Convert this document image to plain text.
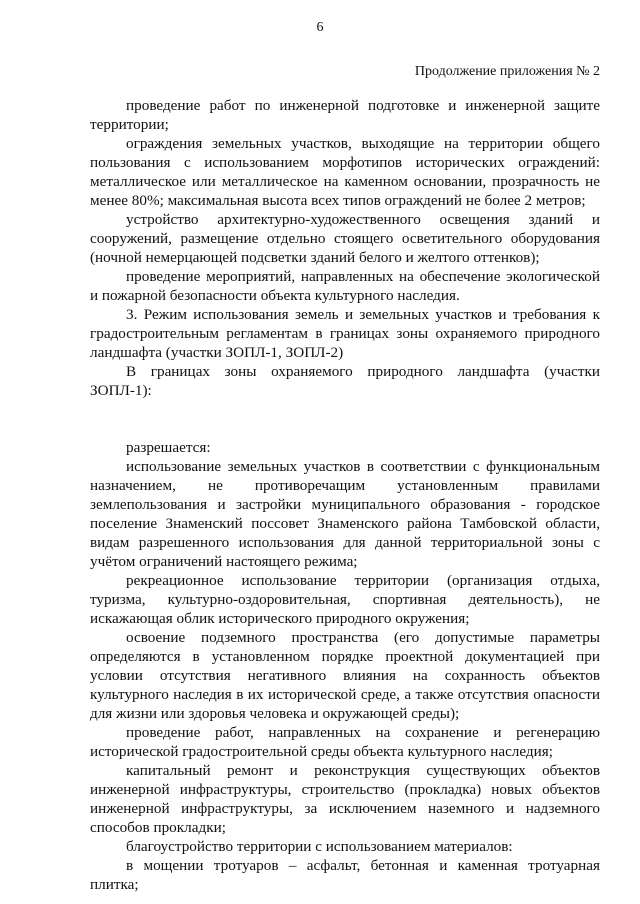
6
Продолжение приложения № 2

проведение работ по инженерной подготовке и инженерной защите территории;

ограждения земельных участков, выходящие на территории общего пользования с использованием морфотипов исторических ограждений: металлическое или металлическое на каменном основании, прозрачность не менее 80%; максимальная высота всех типов ограждений не более 2 метров;

устройство архитектурно-художественного освещения зданий и сооружений, размещение отдельно стоящего осветительного оборудования (ночной немерцающей подсветки зданий белого и желтого оттенков);

проведение мероприятий, направленных на обеспечение экологической и пожарной безопасности объекта культурного наследия.

3. Режим использования земель и земельных участков и требования к градостроительным регламентам в границах зоны охраняемого природного ландшафта (участки ЗОПЛ-1, ЗОПЛ-2)

В границах зоны охраняемого природного ландшафта (участки ЗОПЛ-1):

разрешается:

использование земельных участков в соответствии с функциональным назначением, не противоречащим установленным правилами землепользования и застройки муниципального образования - городское поселение Знаменский поссовет Знаменского района Тамбовской области, видам разрешенного использования для данной территориальной зоны с учётом ограничений настоящего режима;

рекреационное использование территории (организация отдыха, туризма, культурно-оздоровительная, спортивная деятельность), не искажающая облик исторического природного окружения;

освоение подземного пространства (его допустимые параметры определяются в установленном порядке проектной документацией при условии отсутствия негативного влияния на сохранность объектов культурного наследия в их исторической среде, а также отсутствия опасности для жизни или здоровья человека и окружающей среды);

проведение работ, направленных на сохранение и регенерацию исторической градостроительной среды объекта культурного наследия;

капитальный ремонт и реконструкция существующих объектов инженерной инфраструктуры, строительство (прокладка) новых объектов инженерной инфраструктуры, за исключением наземного и надземного способов прокладки;

благоустройство территории с использованием материалов:

в мощении тротуаров – асфальт, бетонная и каменная тротуарная плитка;
